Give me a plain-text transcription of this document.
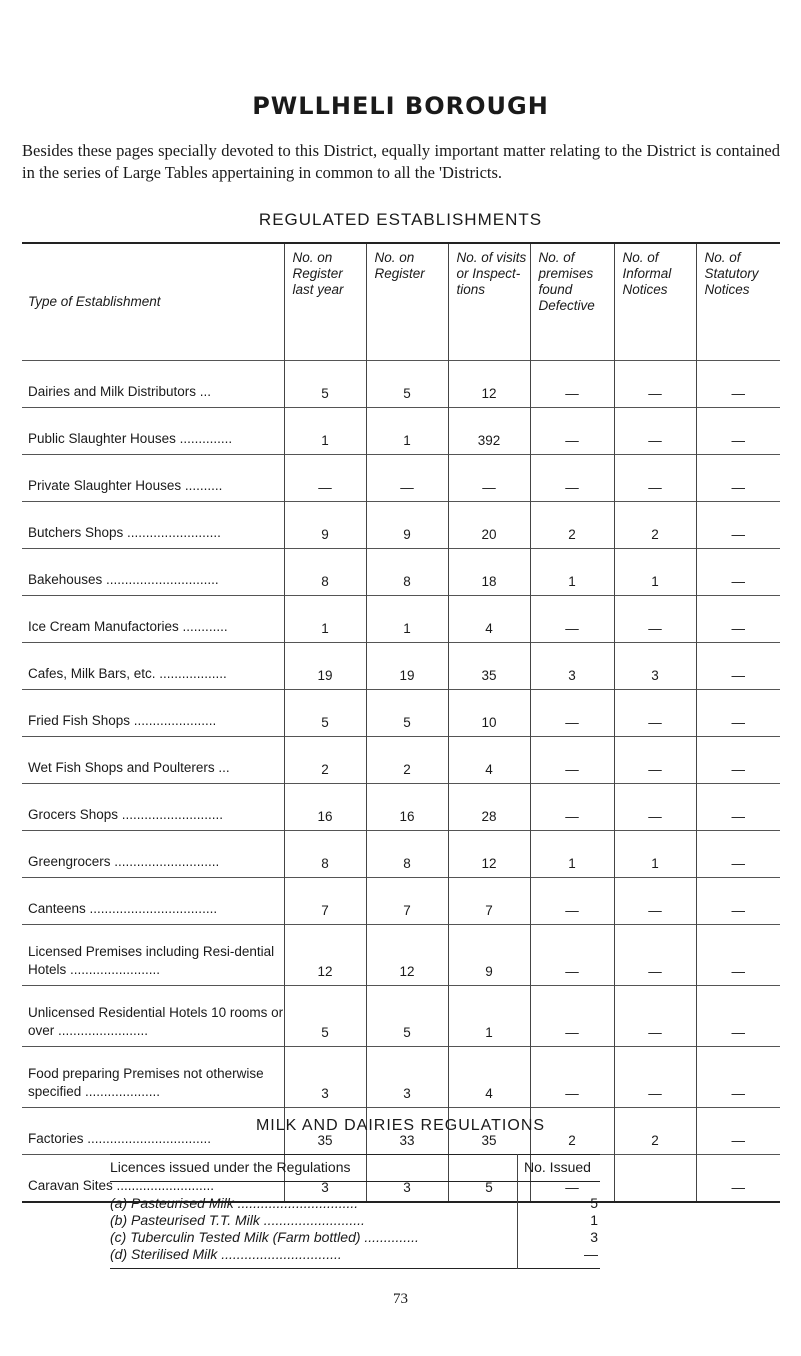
PWLLHELI BOROUGH
Besides these pages specially devoted to this District, equally important matter relating to the District is contained in the series of Large Tables appertaining in common to all the 'Districts.
REGULATED ESTABLISHMENTS
Type of Establishment	No. on Register last year	No. on Register	No. of visits or Inspect-tions	No. of premises found Defective	No. of Informal Notices	No. of Statutory Notices
Dairies and Milk Distributors ...	5	5	12	—	—	—
Public Slaughter Houses ..............	1	1	392	—	—	—
Private Slaughter Houses ..........	—	—	—	—	—	—
Butchers Shops .........................	9	9	20	2	2	—
Bakehouses ..............................	8	8	18	1	1	—
Ice Cream Manufactories ............	1	1	4	—	—	—
Cafes, Milk Bars, etc. ..................	19	19	35	3	3	—
Fried Fish Shops ......................	5	5	10	—	—	—
Wet Fish Shops and Poulterers ...	2	2	4	—	—	—
Grocers Shops ...........................	16	16	28	—	—	—
Greengrocers ............................	8	8	12	1	1	—
Canteens ..................................	7	7	7	—	—	—
Licensed Premises including Resi-dential Hotels ........................	12	12	9	—	—	—
Unlicensed Residential Hotels 10 rooms or over ........................	5	5	1	—	—	—
Food preparing Premises not otherwise specified ....................	3	3	4	—	—	—
Factories .................................	35	33	35	2	2	—
Caravan Sites ..........................	3	3	5	—		—
MILK AND DAIRIES REGULATIONS
Licences issued under the Regulations	No. Issued
(a) Pasteurised Milk ...............................	5
(b) Pasteurised T.T. Milk ..........................	1
(c) Tuberculin Tested Milk (Farm bottled) ..............	3
(d) Sterilised Milk ...............................	—
73
